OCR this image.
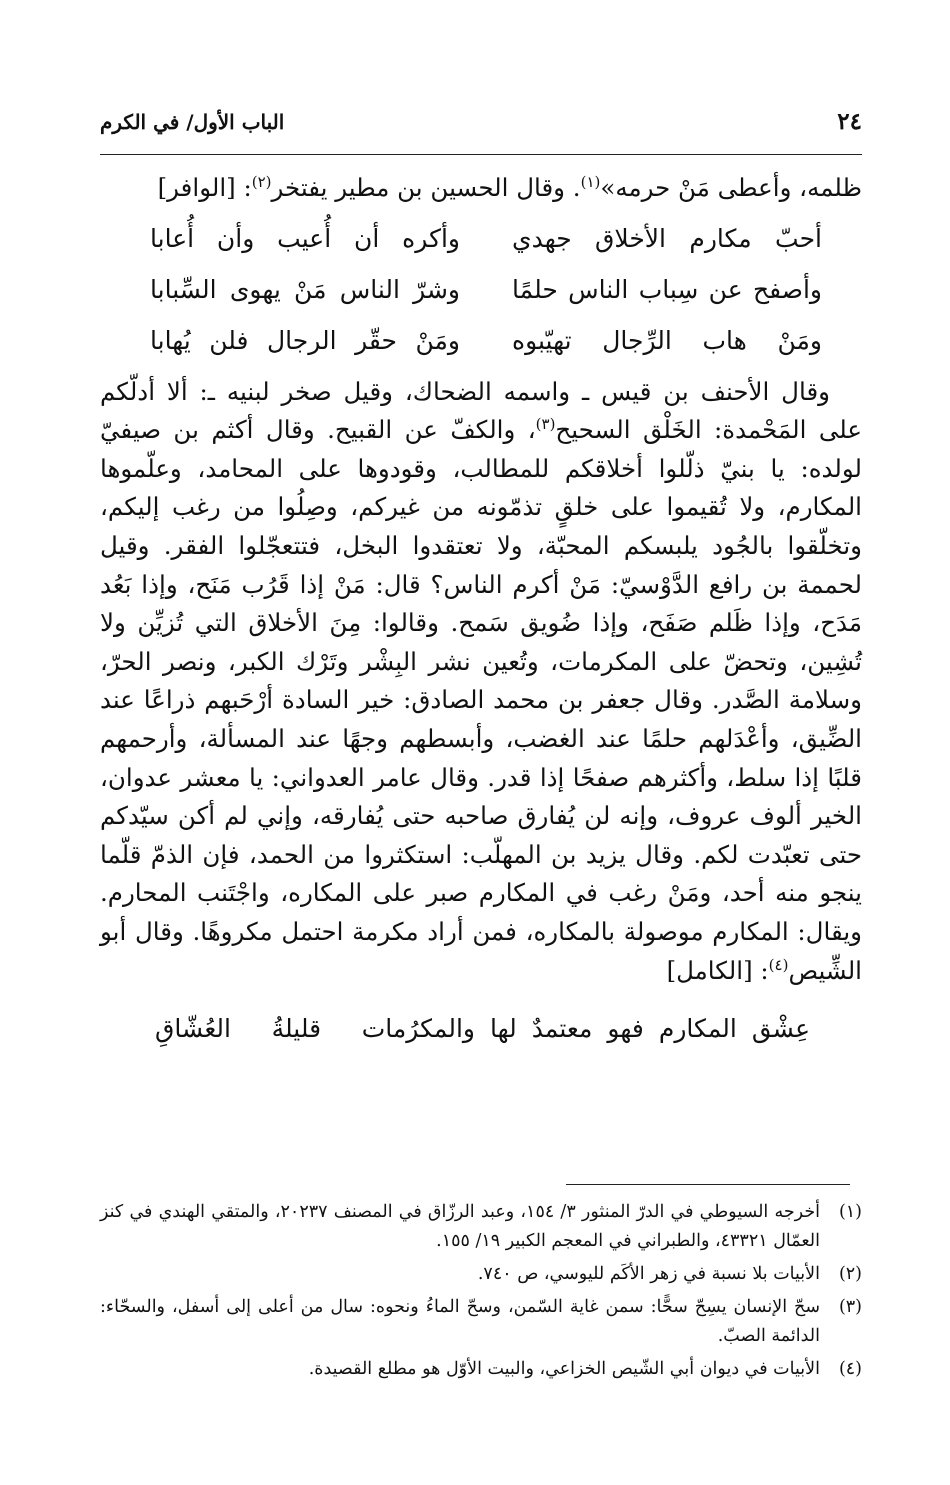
٢٤
الباب الأول/ في الكرم

ظلمه، وأعطى مَنْ حرمه»$^{(١)}$. وقال الحسين بن مطير يفتخر$^{(٢)}$: [الوافر]

أحبّ مكارم الأخلاق جهدي
وأكره أن أُعيب وأن أُعابا
وأصفح عن سِباب الناس حلمًا
وشرّ الناس مَنْ يهوى السِّبابا
ومَنْ هاب الرِّجال تهيّبوه
ومَنْ حقّر الرجال فلن يُهابا

وقال الأحنف بن قيس ـ واسمه الضحاك، وقيل صخر لبنيه ـ: ألا أدلّكم على المَحْمدة: الخَلْق السحيح$^{(٣)}$، والكفّ عن القبيح. وقال أكثم بن صيفيّ لولده: يا بنيّ ذلّلوا أخلاقكم للمطالب، وقودوها على المحامد، وعلّموها المكارم، ولا تُقيموا على خلقٍ تذمّونه من غيركم، وصِلُوا من رغب إليكم، وتخلّقوا بالجُود يلبسكم المحبّة، ولا تعتقدوا البخل، فتتعجّلوا الفقر. وقيل لحممة بن رافع الدَّوْسيّ: مَنْ أكرم الناس؟ قال: مَنْ إذا قَرُب مَنَح، وإذا بَعُد مَدَح، وإذا ظَلم صَفَح، وإذا ضُويق سَمح. وقالوا: مِنَ الأخلاق التي تُزيِّن ولا تُشِين، وتحضّ على المكرمات، وتُعين نشر البِشْر وتَرْك الكبر، ونصر الحرّ، وسلامة الصَّدر. وقال جعفر بن محمد الصادق: خير السادة أرْحَبهم ذراعًا عند الضِّيق، وأعْدَلهم حلمًا عند الغضب، وأبسطهم وجهًا عند المسألة، وأرحمهم قلبًا إذا سلط، وأكثرهم صفحًا إذا قدر. وقال عامر العدواني: يا معشر عدوان، الخير ألوف عروف، وإنه لن يُفارق صاحبه حتى يُفارقه، وإني لم أكن سيّدكم حتى تعبّدت لكم. وقال يزيد بن المهلّب: استكثروا من الحمد، فإن الذمّ قلّما ينجو منه أحد، ومَنْ رغب في المكارم صبر على المكاره، واجْتَنب المحارم. ويقال: المكارم موصولة بالمكاره، فمن أراد مكرمة احتمل مكروهًا. وقال أبو الشِّيص$^{(٤)}$: [الكامل]

عِشْق المكارم فهو معتمدٌ لها
والمكرُمات قليلةُ العُشّاقِ
(١)
أخرجه السيوطي في الدرّ المنثور ٣/ ١٥٤، وعبد الرزّاق في المصنف ٢٠٢٣٧، والمتقي الهندي في كنز العمّال ٤٣٣٢١، والطبراني في المعجم الكبير ١٩/ ١٥٥.
(٢)
الأبيات بلا نسبة في زهر الأكَم لليوسي، ص ٧٤٠.
(٣)
سحّ الإنسان يسِحّ سحًّا: سمن غاية السّمن، وسحّ الماءُ ونحوه: سال من أعلى إلى أسفل، والسحّاء: الدائمة الصبّ.
(٤)
الأبيات في ديوان أبي الشّيص الخزاعي، والبيت الأوّل هو مطلع القصيدة.
